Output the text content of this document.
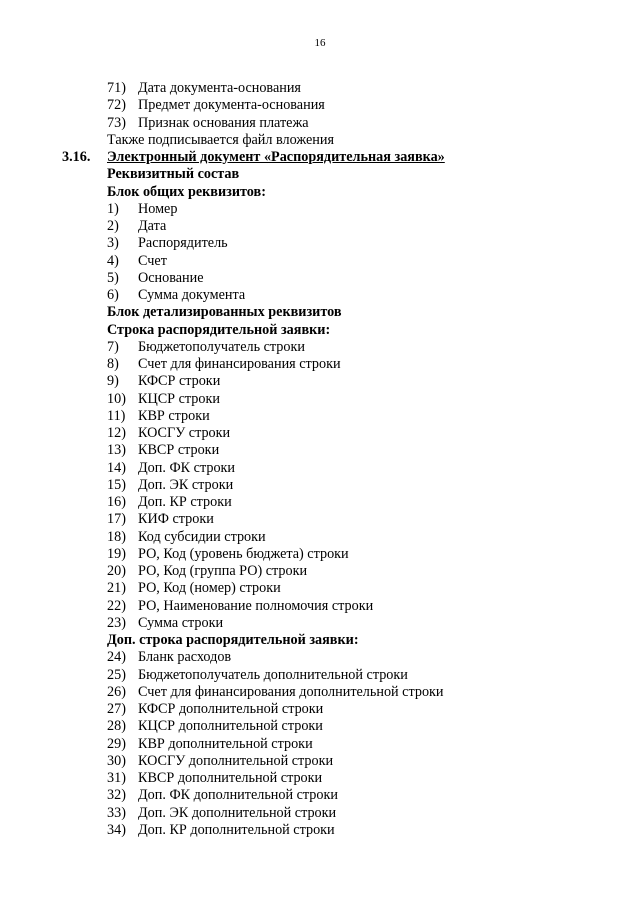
16
71) Дата документа-основания
72) Предмет документа-основания
73) Признак основания платежа
Также подписывается файл вложения
3.16. Электронный документ «Распорядительная заявка»
Реквизитный состав
Блок общих реквизитов:
1) Номер
2) Дата
3) Распорядитель
4) Счет
5) Основание
6) Сумма документа
Блок детализированных реквизитов
Строка распорядительной заявки:
7) Бюджетополучатель строки
8) Счет для финансирования строки
9) КФСР строки
10) КЦСР строки
11) КВР строки
12) КОСГУ строки
13) КВСР строки
14) Доп. ФК строки
15) Доп. ЭК строки
16) Доп. КР строки
17) КИФ строки
18) Код субсидии строки
19) РО, Код (уровень бюджета) строки
20) РО, Код (группа РО) строки
21) РО, Код (номер) строки
22) РО, Наименование полномочия строки
23) Сумма строки
Доп. строка распорядительной заявки:
24) Бланк расходов
25) Бюджетополучатель дополнительной строки
26) Счет для финансирования дополнительной строки
27) КФСР дополнительной строки
28) КЦСР дополнительной строки
29) КВР дополнительной строки
30) КОСГУ дополнительной строки
31) КВСР дополнительной строки
32) Доп. ФК дополнительной строки
33) Доп. ЭК дополнительной строки
34) Доп. КР дополнительной строки
